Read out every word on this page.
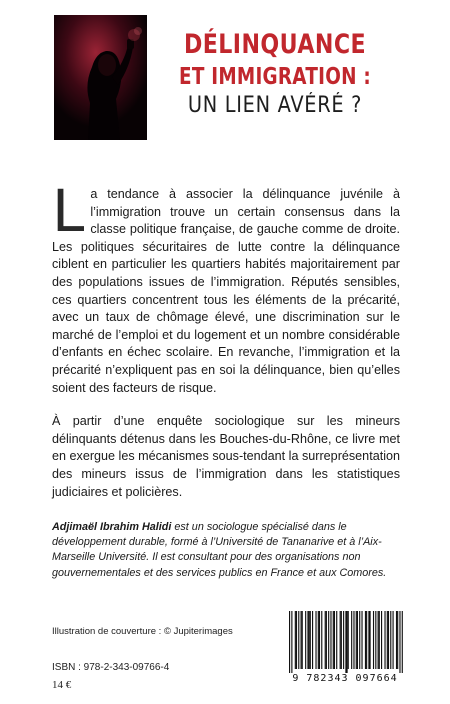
DÉLINQUANCE
ET IMMIGRATION :
UN LIEN AVÉRÉ ?
La tendance à associer la délinquance juvénile à l’immigration trouve un certain consensus dans la classe politique française, de gauche comme de droite. Les politiques sécuritaires de lutte contre la délinquance ciblent en particulier les quartiers habités majoritairement par des populations issues de l’immigration. Réputés sensibles, ces quartiers concentrent tous les éléments de la précarité, avec un taux de chômage élevé, une discrimination sur le marché de l’emploi et du logement et un nombre considérable d’enfants en échec scolaire. En revanche, l’immigration et la précarité n’expliquent pas en soi la délinquance, bien qu’elles soient des facteurs de risque.
À partir d’une enquête sociologique sur les mineurs délinquants détenus dans les Bouches-du-Rhône, ce livre met en exergue les mécanismes sous-tendant la surreprésentation des mineurs issus de l’immigration dans les statistiques judiciaires et policières.
Adjimaël Ibrahim Halidi est un sociologue spécialisé dans le développement durable, formé à l’Université de Tananarive et à l’Aix-Marseille Université. Il est consultant pour des organisations non gouvernementales et des services publics en France et aux Comores.
Illustration de couverture : © Jupiterimages
ISBN : 978-2-343-09766-4
14 €
9 782343 097664
